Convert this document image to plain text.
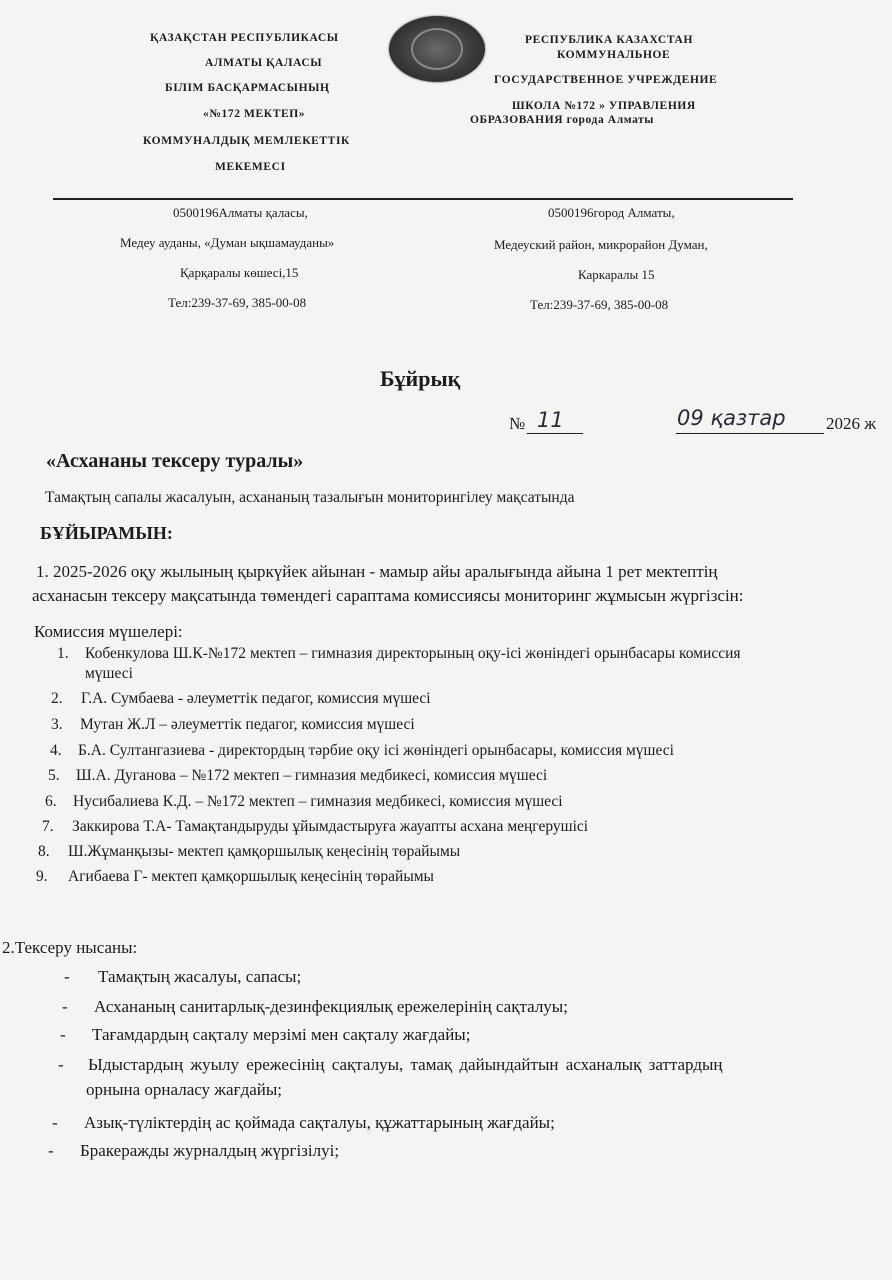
ҚАЗАҚСТАН РЕСПУБЛИКАСЫ
АЛМАТЫ ҚАЛАСЫ
БІЛІМ БАСҚАРМАСЫНЫҢ
«№172 МЕКТЕП»
КОММУНАЛДЫҚ МЕМЛЕКЕТТІК
МЕКЕМЕСІ
РЕСПУБЛИКА КАЗАХСТАН
КОММУНАЛЬНОЕ
ГОСУДАРСТВЕННОЕ УЧРЕЖДЕНИЕ
ШКОЛА №172 » УПРАВЛЕНИЯ
ОБРАЗОВАНИЯ города Алматы
0500196Алматы қаласы,
Медеу ауданы, «Думан ықшамауданы»
Қарқаралы көшесі,15
Тел:239-37-69, 385-00-08
0500196город Алматы,
Медеуский район, микрорайон Думан,
Каркаралы 15
Тел:239-37-69, 385-00-08
Бұйрық
№ 11	09 қазтар 2026 ж
«Асхананы тексеру туралы»
Тамақтың сапалы жасалуын, асхананың тазалығын мониторингілеу мақсатында
БҰЙЫРАМЫН:
1. 2025-2026 оқу жылының қыркүйек айынан - мамыр айы аралығында айына 1 рет мектептің
асханасын тексеру мақсатында төмендегі сараптама комиссиясы мониторинг жұмысын жүргізсін:
Комиссия мүшелері:
1. Кобенкулова Ш.К-№172 мектеп – гимназия директорының оқу-ісі жөніндегі орынбасары комиссия
мүшесі
2. Г.А. Сумбаева - әлеуметтік педагог, комиссия мүшесі
3. Мутан Ж.Л – әлеуметтік педагог, комиссия мүшесі
4. Б.А. Султангазиева - директордың тәрбие оқу ісі жөніндегі орынбасары, комиссия мүшесі
5. Ш.А. Дуганова – №172 мектеп – гимназия медбикесі, комиссия мүшесі
6. Нусибалиева К.Д. – №172 мектеп – гимназия медбикесі, комиссия мүшесі
7. Заккирова Т.А- Тамақтандыруды ұйымдастыруға жауапты асхана меңгерушісі
8. Ш.Жұманқызы- мектеп қамқоршылық кеңесінің төрайымы
9. Агибаева Г- мектеп қамқоршылық кеңесінің төрайымы
2.Тексеру нысаны:
- Тамақтың жасалуы, сапасы;
- Асхананың санитарлық-дезинфекциялық ережелерінің сақталуы;
- Тағамдардың сақталу мерзімі мен сақталу жағдайы;
- Ыдыстардың жуылу ережесінің сақталуы, тамақ дайындайтын асханалық заттардың
орнына орналасу жағдайы;
- Азық-түліктердің ас қоймада сақталуы, құжаттарының жағдайы;
- Бракеражды журналдың жүргізілуі;
